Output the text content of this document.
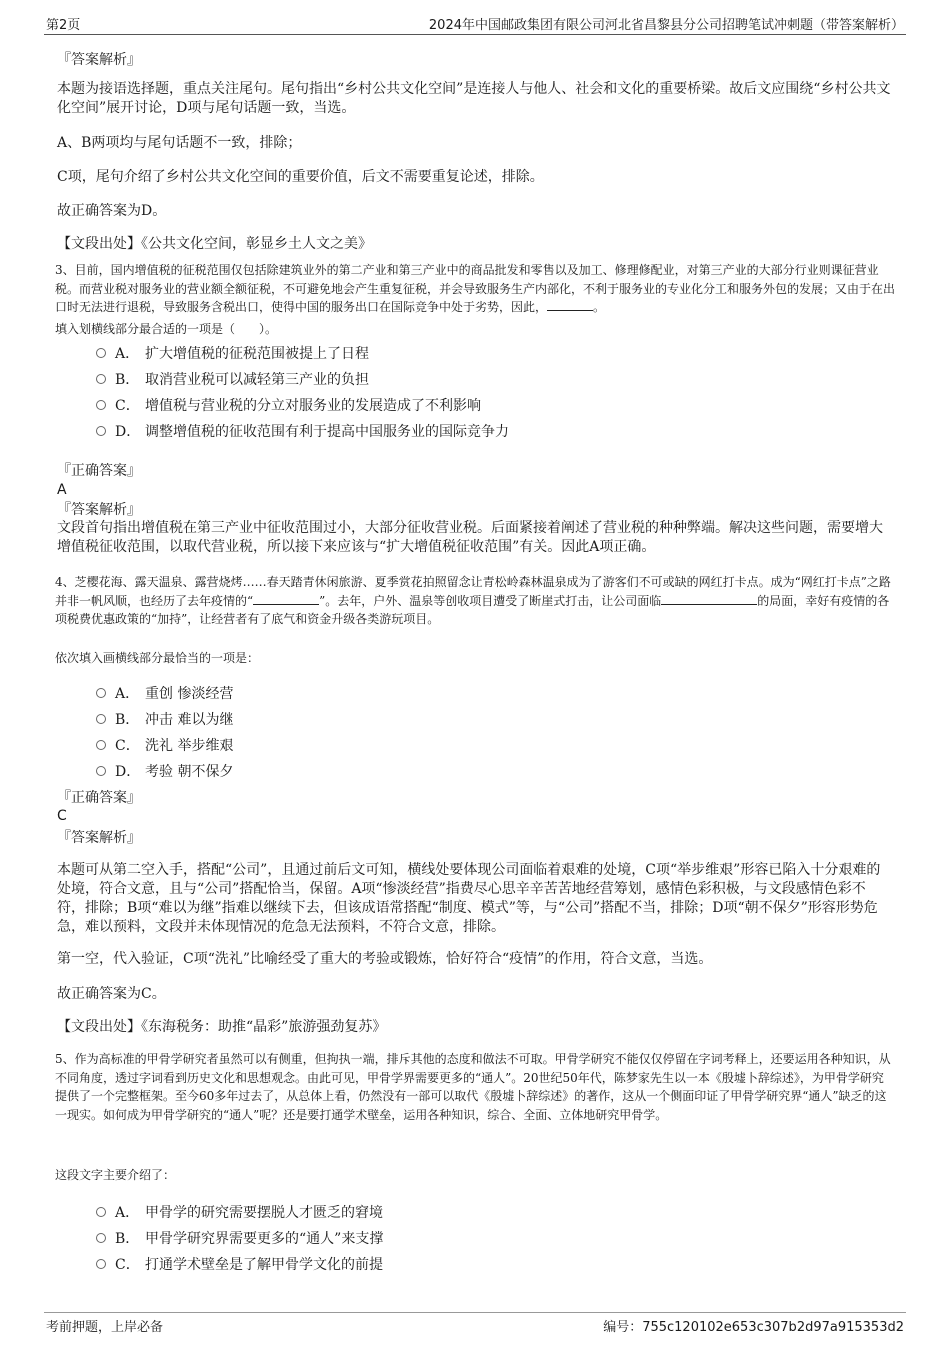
第2页	2024年中国邮政集团有限公司河北省昌黎县分公司招聘笔试冲刺题（带答案解析）
『答案解析』
本题为接语选择题，重点关注尾句。尾句指出“乡村公共文化空间”是连接人与他人、社会和文化的重要桥梁。故后文应围绕“乡村公共文化空间”展开讨论，D项与尾句话题一致，当选。
A、B两项均与尾句话题不一致，排除；
C项，尾句介绍了乡村公共文化空间的重要价值，后文不需要重复论述，排除。
故正确答案为D。
【文段出处】《公共文化空间，彰显乡土人文之美》
3、目前，国内增值税的征税范围仅包括除建筑业外的第二产业和第三产业中的商品批发和零售以及加工、修理修配业，对第三产业的大部分行业则课征营业税。而营业税对服务业的营业额全额征税，不可避免地会产生重复征税，并会导致服务生产内部化，不利于服务业的专业化分工和服务外包的发展；又由于在出口时无法进行退税，导致服务含税出口，使得中国的服务出口在国际竞争中处于劣势，因此，	。
填入划横线部分最合适的一项是（　　）。
A． 扩大增值税的征税范围被提上了日程
B． 取消营业税可以减轻第三产业的负担
C． 增值税与营业税的分立对服务业的发展造成了不利影响
D． 调整增值税的征收范围有利于提高中国服务业的国际竞争力
『正确答案』
A
『答案解析』
文段首句指出增值税在第三产业中征收范围过小，大部分征收营业税。后面紧接着阐述了营业税的种种弊端。解决这些问题，需要增大增值税征收范围，以取代营业税，所以接下来应该与“扩大增值税征收范围”有关。因此A项正确。
4、芝樱花海、露天温泉、露营烧烤……春天踏青休闲旅游、夏季赏花拍照留念让青松岭森林温泉成为了游客们不可或缺的网红打卡点。成为“网红打卡点”之路并非一帆风顺，也经历了去年疫情的“	”。去年，户外、温泉等创收项目遭受了断崖式打击，让公司面临	的局面，幸好有疫情的各项税费优惠政策的“加持”，让经营者有了底气和资金升级各类游玩项目。
依次填入画横线部分最恰当的一项是：
A． 重创 惨淡经营
B． 冲击 难以为继
C． 洗礼 举步维艰
D． 考验 朝不保夕
『正确答案』
C
『答案解析』
本题可从第二空入手，搭配“公司”，且通过前后文可知，横线处要体现公司面临着艰难的处境，C项“举步维艰”形容已陷入十分艰难的处境，符合文意，且与“公司”搭配恰当，保留。A项“惨淡经营”指费尽心思辛辛苦苦地经营筹划，感情色彩积极，与文段感情色彩不符，排除；B项“难以为继”指难以继续下去，但该成语常搭配“制度、模式”等，与“公司”搭配不当，排除；D项“朝不保夕”形容形势危急，难以预料，文段并未体现情况的危急无法预料，不符合文意，排除。
第一空，代入验证，C项“洗礼”比喻经受了重大的考验或锻炼，恰好符合“疫情”的作用，符合文意，当选。
故正确答案为C。
【文段出处】《东海税务：助推“晶彩”旅游强劲复苏》
5、作为高标准的甲骨学研究者虽然可以有侧重，但拘执一端，排斥其他的态度和做法不可取。甲骨学研究不能仅仅停留在字词考释上，还要运用各种知识，从不同角度，透过字词看到历史文化和思想观念。由此可见，甲骨学界需要更多的“通人”。20世纪50年代，陈梦家先生以一本《殷墟卜辞综述》，为甲骨学研究提供了一个完整框架。至今60多年过去了，从总体上看，仍然没有一部可以取代《殷墟卜辞综述》的著作，这从一个侧面印证了甲骨学研究界“通人”缺乏的这一现实。如何成为甲骨学研究的“通人”呢？还是要打通学术壁垒，运用各种知识，综合、全面、立体地研究甲骨学。
这段文字主要介绍了：
A． 甲骨学的研究需要摆脱人才匮乏的窘境
B． 甲骨学研究界需要更多的“通人”来支撑
C． 打通学术壁垒是了解甲骨学文化的前提
考前押题，上岸必备	编号：755c120102e653c307b2d97a915353d2
